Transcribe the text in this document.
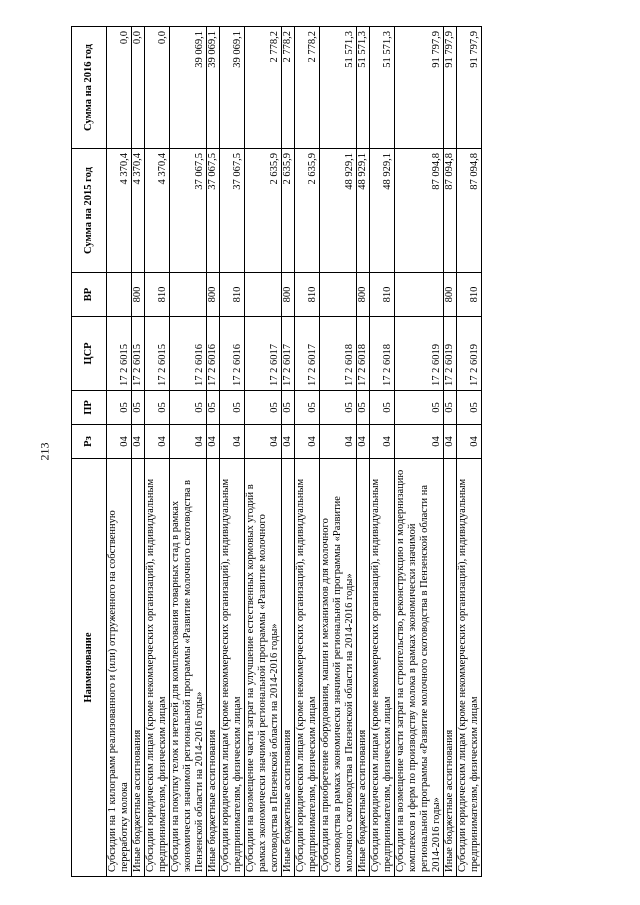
213
Наименование	Рз	ПР	ЦСР	ВР	Сумма на 2015 год	Сумма на 2016 год
Субсидии на 1 килограмм реализованного и (или) отгруженного на собственную переработку молока	04	05	17 2 6015		4 370,4	0,0
Иные бюджетные ассигнования	04	05	17 2 6015	800	4 370,4	0,0
Субсидии юридическим лицам (кроме некоммерческих организаций), индивидуальным предпринимателям, физическим лицам	04	05	17 2 6015	810	4 370,4	0,0
Субсидии на покупку телок и нетелей для комплектования товарных стад в рамках экономически значимой региональной программы «Развитие молочного скотоводства в Пензенской области на 2014-2016 годы»	04	05	17 2 6016		37 067,5	39 069,1
Иные бюджетные ассигнования	04	05	17 2 6016	800	37 067,5	39 069,1
Субсидии юридическим лицам (кроме некоммерческих организаций), индивидуальным предпринимателям, физическим лицам	04	05	17 2 6016	810	37 067,5	39 069,1
Субсидии на возмещение части затрат на улучшение естественных кормовых угодий в рамках экономически значимой региональной программы «Развитие молочного скотоводства в Пензенской области на 2014-2016 годы»	04	05	17 2 6017		2 635,9	2 778,2
Иные бюджетные ассигнования	04	05	17 2 6017	800	2 635,9	2 778,2
Субсидии юридическим лицам (кроме некоммерческих организаций), индивидуальным предпринимателям, физическим лицам	04	05	17 2 6017	810	2 635,9	2 778,2
Субсидии на приобретение оборудования, машин и механизмов для молочного скотоводства в рамках экономически значимой региональной программы «Развитие молочного скотоводства в Пензенской области на 2014-2016 годы»	04	05	17 2 6018		48 929,1	51 571,3
Иные бюджетные ассигнования	04	05	17 2 6018	800	48 929,1	51 571,3
Субсидии юридическим лицам (кроме некоммерческих организаций), индивидуальным предпринимателям, физическим лицам	04	05	17 2 6018	810	48 929,1	51 571,3
Субсидии на возмещение части затрат на строительство, реконструкцию и модернизацию комплексов и ферм по производству молока в рамках экономически значимой региональной программы «Развитие молочного скотоводства в Пензенской области на 2014-2016 годы»	04	05	17 2 6019		87 094,8	91 797,9
Иные бюджетные ассигнования	04	05	17 2 6019	800	87 094,8	91 797,9
Субсидии юридическим лицам (кроме некоммерческих организаций), индивидуальным предпринимателям, физическим лицам	04	05	17 2 6019	810	87 094,8	91 797,9
